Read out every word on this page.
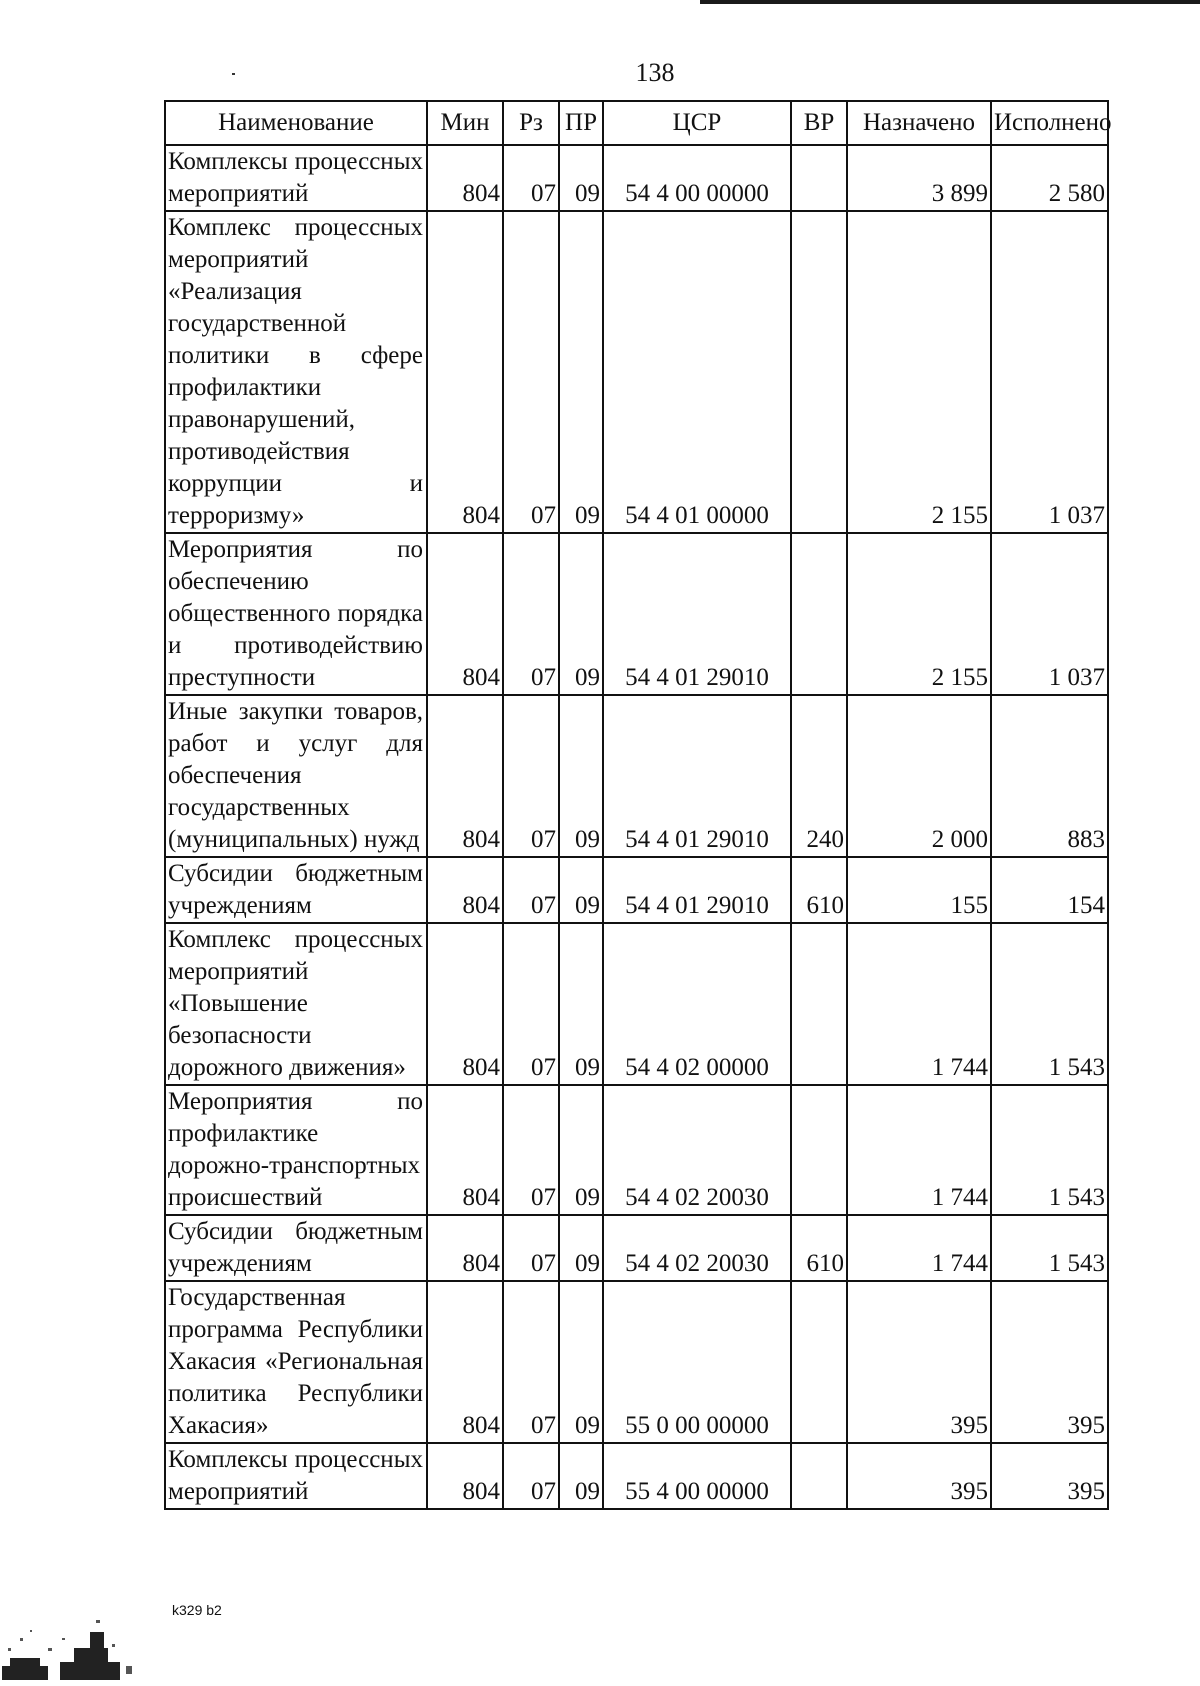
138
Наименование	Мин	Рз	ПР	ЦСР	ВР	Назначено	Исполнено
Комплексы процессных мероприятий	804	07	09	54 4 00 00000		3 899	2 580
Комплекс процессных мероприятий «Реализация государственной политики в сфере профилактики правонарушений, противодействия коррупции и терроризму»	804	07	09	54 4 01 00000		2 155	1 037
Мероприятия по обеспечению общественного порядка и противодействию преступности	804	07	09	54 4 01 29010		2 155	1 037
Иные закупки товаров, работ и услуг для обеспечения государственных (муниципальных) нужд	804	07	09	54 4 01 29010	240	2 000	883
Субсидии бюджетным учреждениям	804	07	09	54 4 01 29010	610	155	154
Комплекс процессных мероприятий «Повышение безопасности дорожного движения»	804	07	09	54 4 02 00000		1 744	1 543
Мероприятия по профилактике дорожно-транспортных происшествий	804	07	09	54 4 02 20030		1 744	1 543
Субсидии бюджетным учреждениям	804	07	09	54 4 02 20030	610	1 744	1 543
Государственная программа Республики Хакасия «Региональная политика Республики Хакасия»	804	07	09	55 0 00 00000		395	395
Комплексы процессных мероприятий	804	07	09	55 4 00 00000		395	395
k329 b2
